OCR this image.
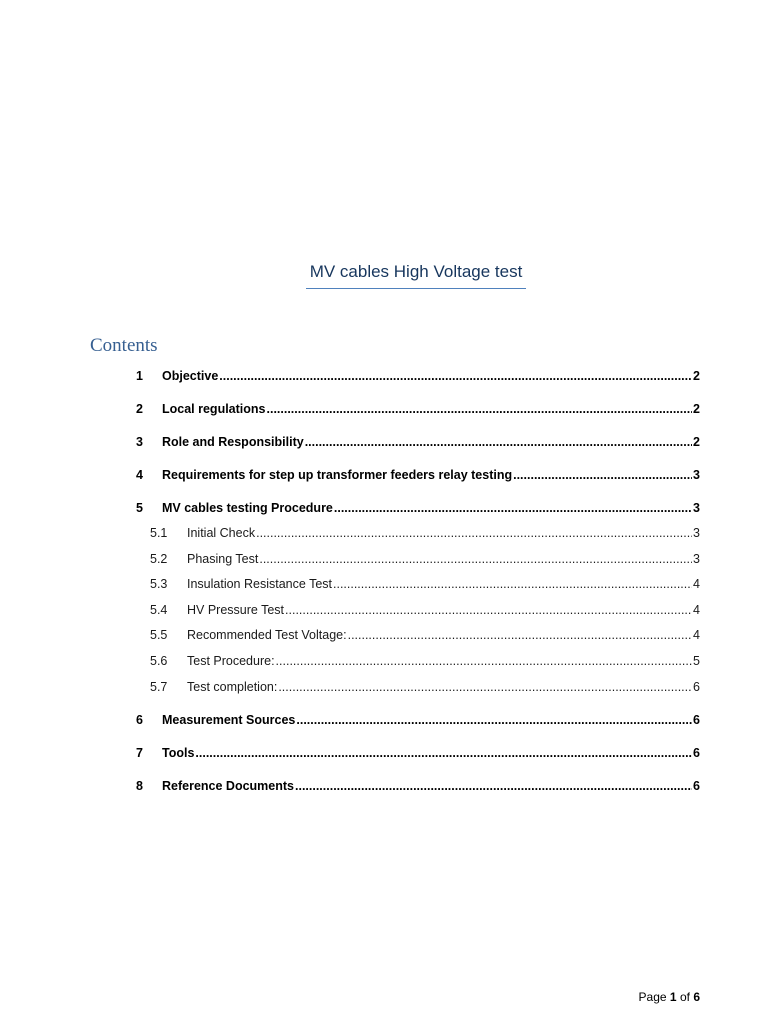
MV cables High Voltage test
Contents
1	Objective .....	2
2	Local regulations .....	2
3	Role and Responsibility .....	2
4	Requirements for step up transformer feeders relay testing .....	3
5	MV cables testing Procedure .....	3
5.1	Initial Check .....	3
5.2	Phasing Test .....	3
5.3	Insulation Resistance Test .....	4
5.4	HV Pressure Test .....	4
5.5	Recommended Test Voltage: .....	4
5.6	Test Procedure: .....	5
5.7	Test completion: .....	6
6	Measurement Sources .....	6
7	Tools .....	6
8	Reference Documents .....	6
Page 1 of 6
